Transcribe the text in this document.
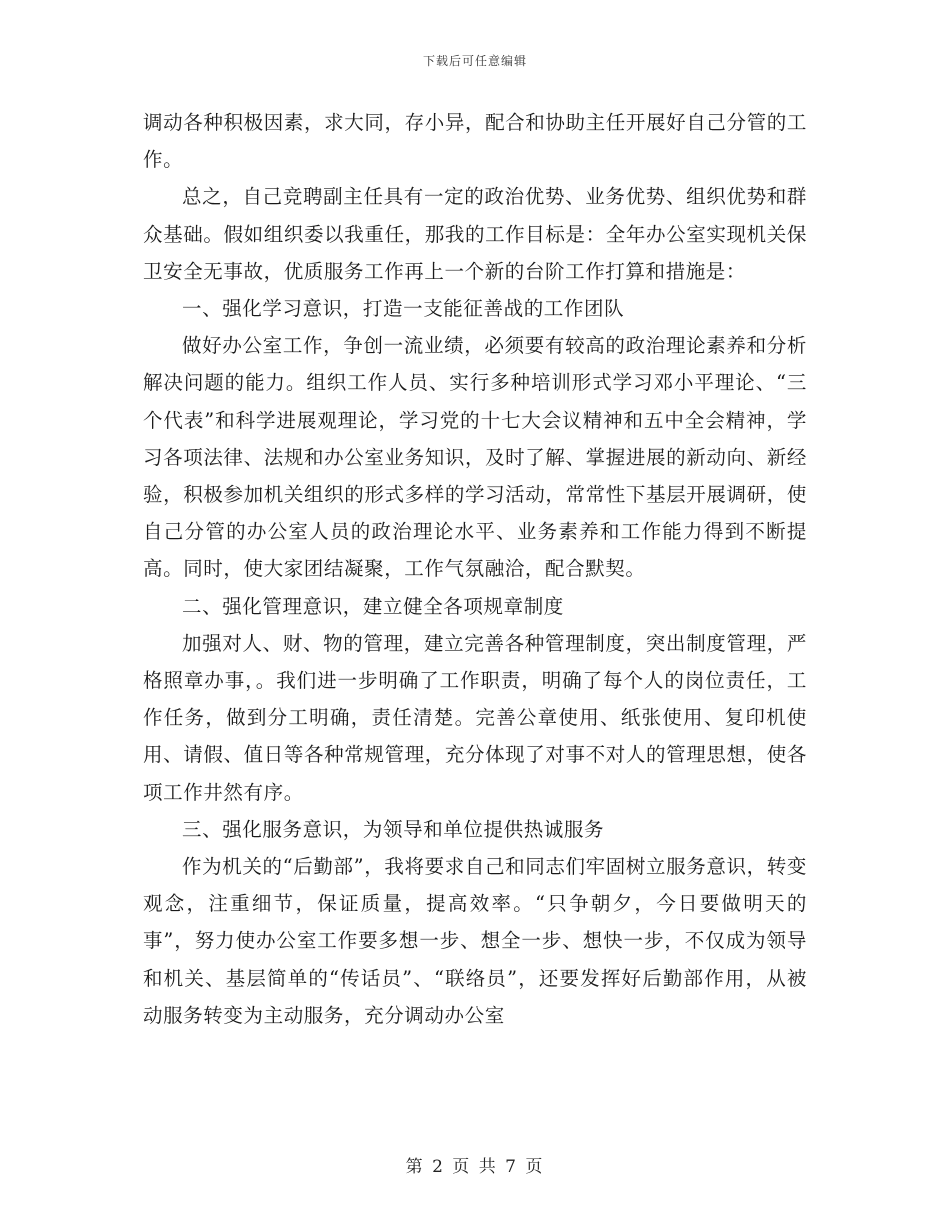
下载后可任意编辑

调动各种积极因素，求大同，存小异，配合和协助主任开展好自己分管的工作。

总之，自己竞聘副主任具有一定的政治优势、业务优势、组织优势和群众基础。假如组织委以我重任，那我的工作目标是：全年办公室实现机关保卫安全无事故，优质服务工作再上一个新的台阶工作打算和措施是：

一、强化学习意识，打造一支能征善战的工作团队

做好办公室工作，争创一流业绩，必须要有较高的政治理论素养和分析解决问题的能力。组织工作人员、实行多种培训形式学习邓小平理论、“三个代表”和科学进展观理论，学习党的十七大会议精神和五中全会精神，学习各项法律、法规和办公室业务知识，及时了解、掌握进展的新动向、新经验，积极参加机关组织的形式多样的学习活动，常常性下基层开展调研，使自己分管的办公室人员的政治理论水平、业务素养和工作能力得到不断提高。同时，使大家团结凝聚，工作气氛融洽，配合默契。

二、强化管理意识，建立健全各项规章制度

加强对人、财、物的管理，建立完善各种管理制度，突出制度管理，严格照章办事，。我们进一步明确了工作职责，明确了每个人的岗位责任，工作任务，做到分工明确，责任清楚。完善公章使用、纸张使用、复印机使用、请假、值日等各种常规管理，充分体现了对事不对人的管理思想，使各项工作井然有序。

三、强化服务意识，为领导和单位提供热诚服务

作为机关的“后勤部”，我将要求自己和同志们牢固树立服务意识，转变观念，注重细节，保证质量，提高效率。“只争朝夕，今日要做明天的事”，努力使办公室工作要多想一步、想全一步、想快一步，不仅成为领导和机关、基层简单的“传话员”、“联络员”，还要发挥好后勤部作用，从被动服务转变为主动服务，充分调动办公室

第 2 页 共 7 页
